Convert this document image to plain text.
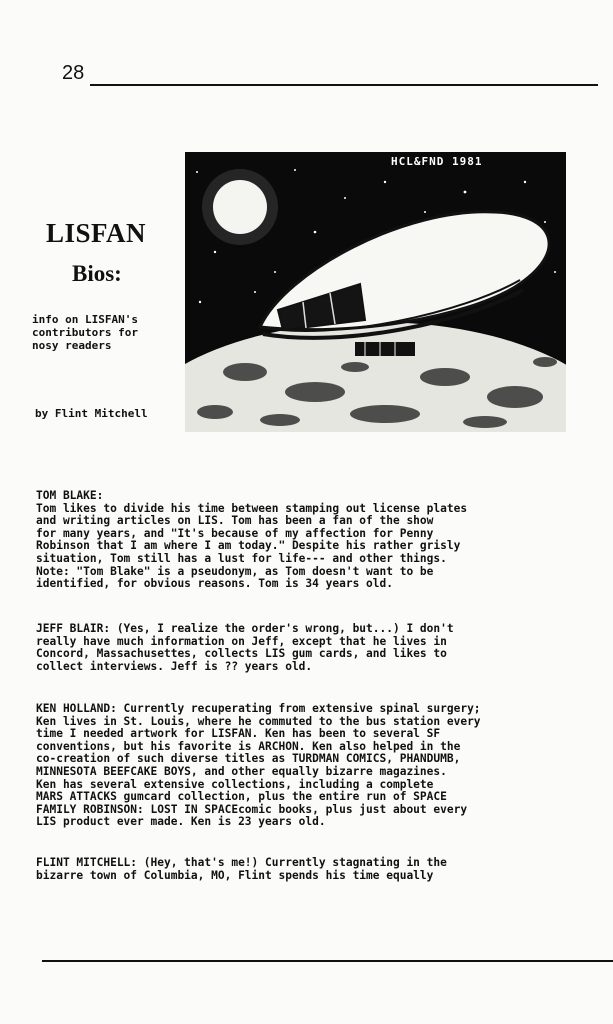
28
LISFAN
Bios:
info on LISFAN's
contributors for
nosy readers
by Flint Mitchell
HCL&FND 1981
TOM BLAKE:
Tom likes to divide his time between stamping out license plates
and writing articles on LIS. Tom has been a fan of the show
for many years, and "It's because of my affection for Penny
Robinson that I am where I am today." Despite his rather grisly
situation, Tom still has a lust for life--- and other things.
Note: "Tom Blake" is a pseudonym, as Tom doesn't want to be
identified, for obvious reasons. Tom is 34 years old.
JEFF BLAIR: (Yes, I realize the order's wrong, but...) I don't
really have much information on Jeff, except that he lives in
Concord, Massachusettes, collects LIS gum cards, and likes to
collect interviews. Jeff is ?? years old.
KEN HOLLAND: Currently recuperating from extensive spinal surgery;
Ken lives in St. Louis, where he commuted to the bus station every
time I needed artwork for LISFAN. Ken has been to several SF
conventions, but his favorite is ARCHON. Ken also helped in the
co-creation of such diverse titles as TURDMAN COMICS, PHANDUMB,
MINNESOTA BEEFCAKE BOYS, and other equally bizarre magazines.
Ken has several extensive collections, including a complete
MARS ATTACKS gumcard collection, plus the entire run of SPACE
FAMILY ROBINSON: LOST IN SPACEcomic books, plus just about every
LIS product ever made. Ken is 23 years old.
FLINT MITCHELL: (Hey, that's me!) Currently stagnating in the
bizarre town of Columbia, MO, Flint spends his time equally
